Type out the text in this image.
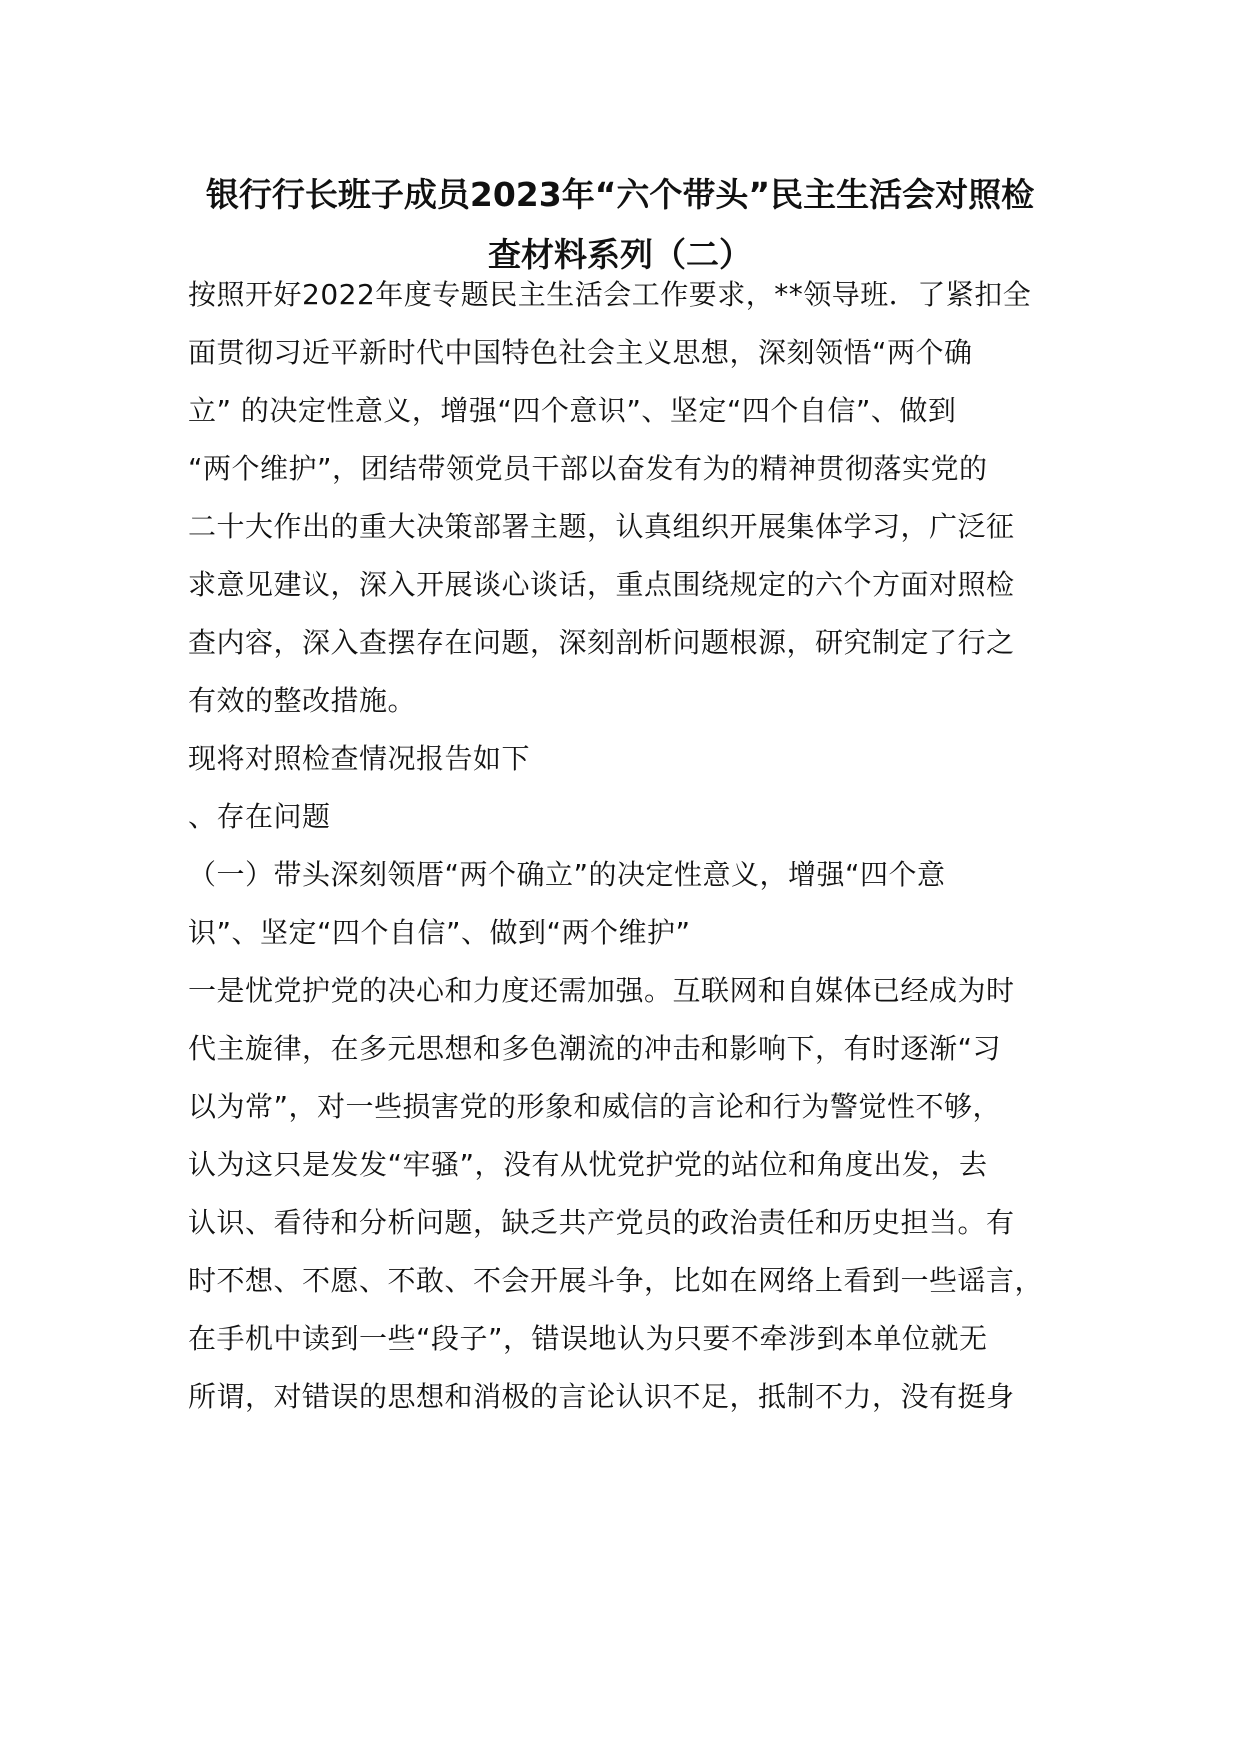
银行行长班子成员2023年“六个带头”民主生活会对照检
查材料系列（二）
按照开好2022年度专题民主生活会工作要求，**领导班．了紧扣全
面贯彻习近平新时代中国特色社会主义思想，深刻领悟“两个确
立” 的决定性意义，增强“四个意识”、坚定“四个自信”、做到
“两个维护”，团结带领党员干部以奋发有为的精神贯彻落实党的
二十大作出的重大决策部署主题，认真组织开展集体学习，广泛征
求意见建议，深入开展谈心谈话，重点围绕规定的六个方面对照检
查内容，深入查摆存在问题，深刻剖析问题根源，研究制定了行之
有效的整改措施。
现将对照检查情况报告如下
、存在问题
（一）带头深刻领厝“两个确立”的决定性意义，增强“四个意
识”、坚定“四个自信”、做到“两个维护”
一是忧党护党的决心和力度还需加强。互联网和自媒体已经成为时
代主旋律，在多元思想和多色潮流的冲击和影响下，有时逐渐“习
以为常”，对一些损害党的形象和威信的言论和行为警觉性不够，
认为这只是发发“牢骚”，没有从忧党护党的站位和角度出发，去
认识、看待和分析问题，缺乏共产党员的政治责任和历史担当。有
时不想、不愿、不敢、不会开展斗争，比如在网络上看到一些谣言，
在手机中读到一些“段子”，错误地认为只要不牵涉到本单位就无
所谓，对错误的思想和消极的言论认识不足，抵制不力，没有挺身
